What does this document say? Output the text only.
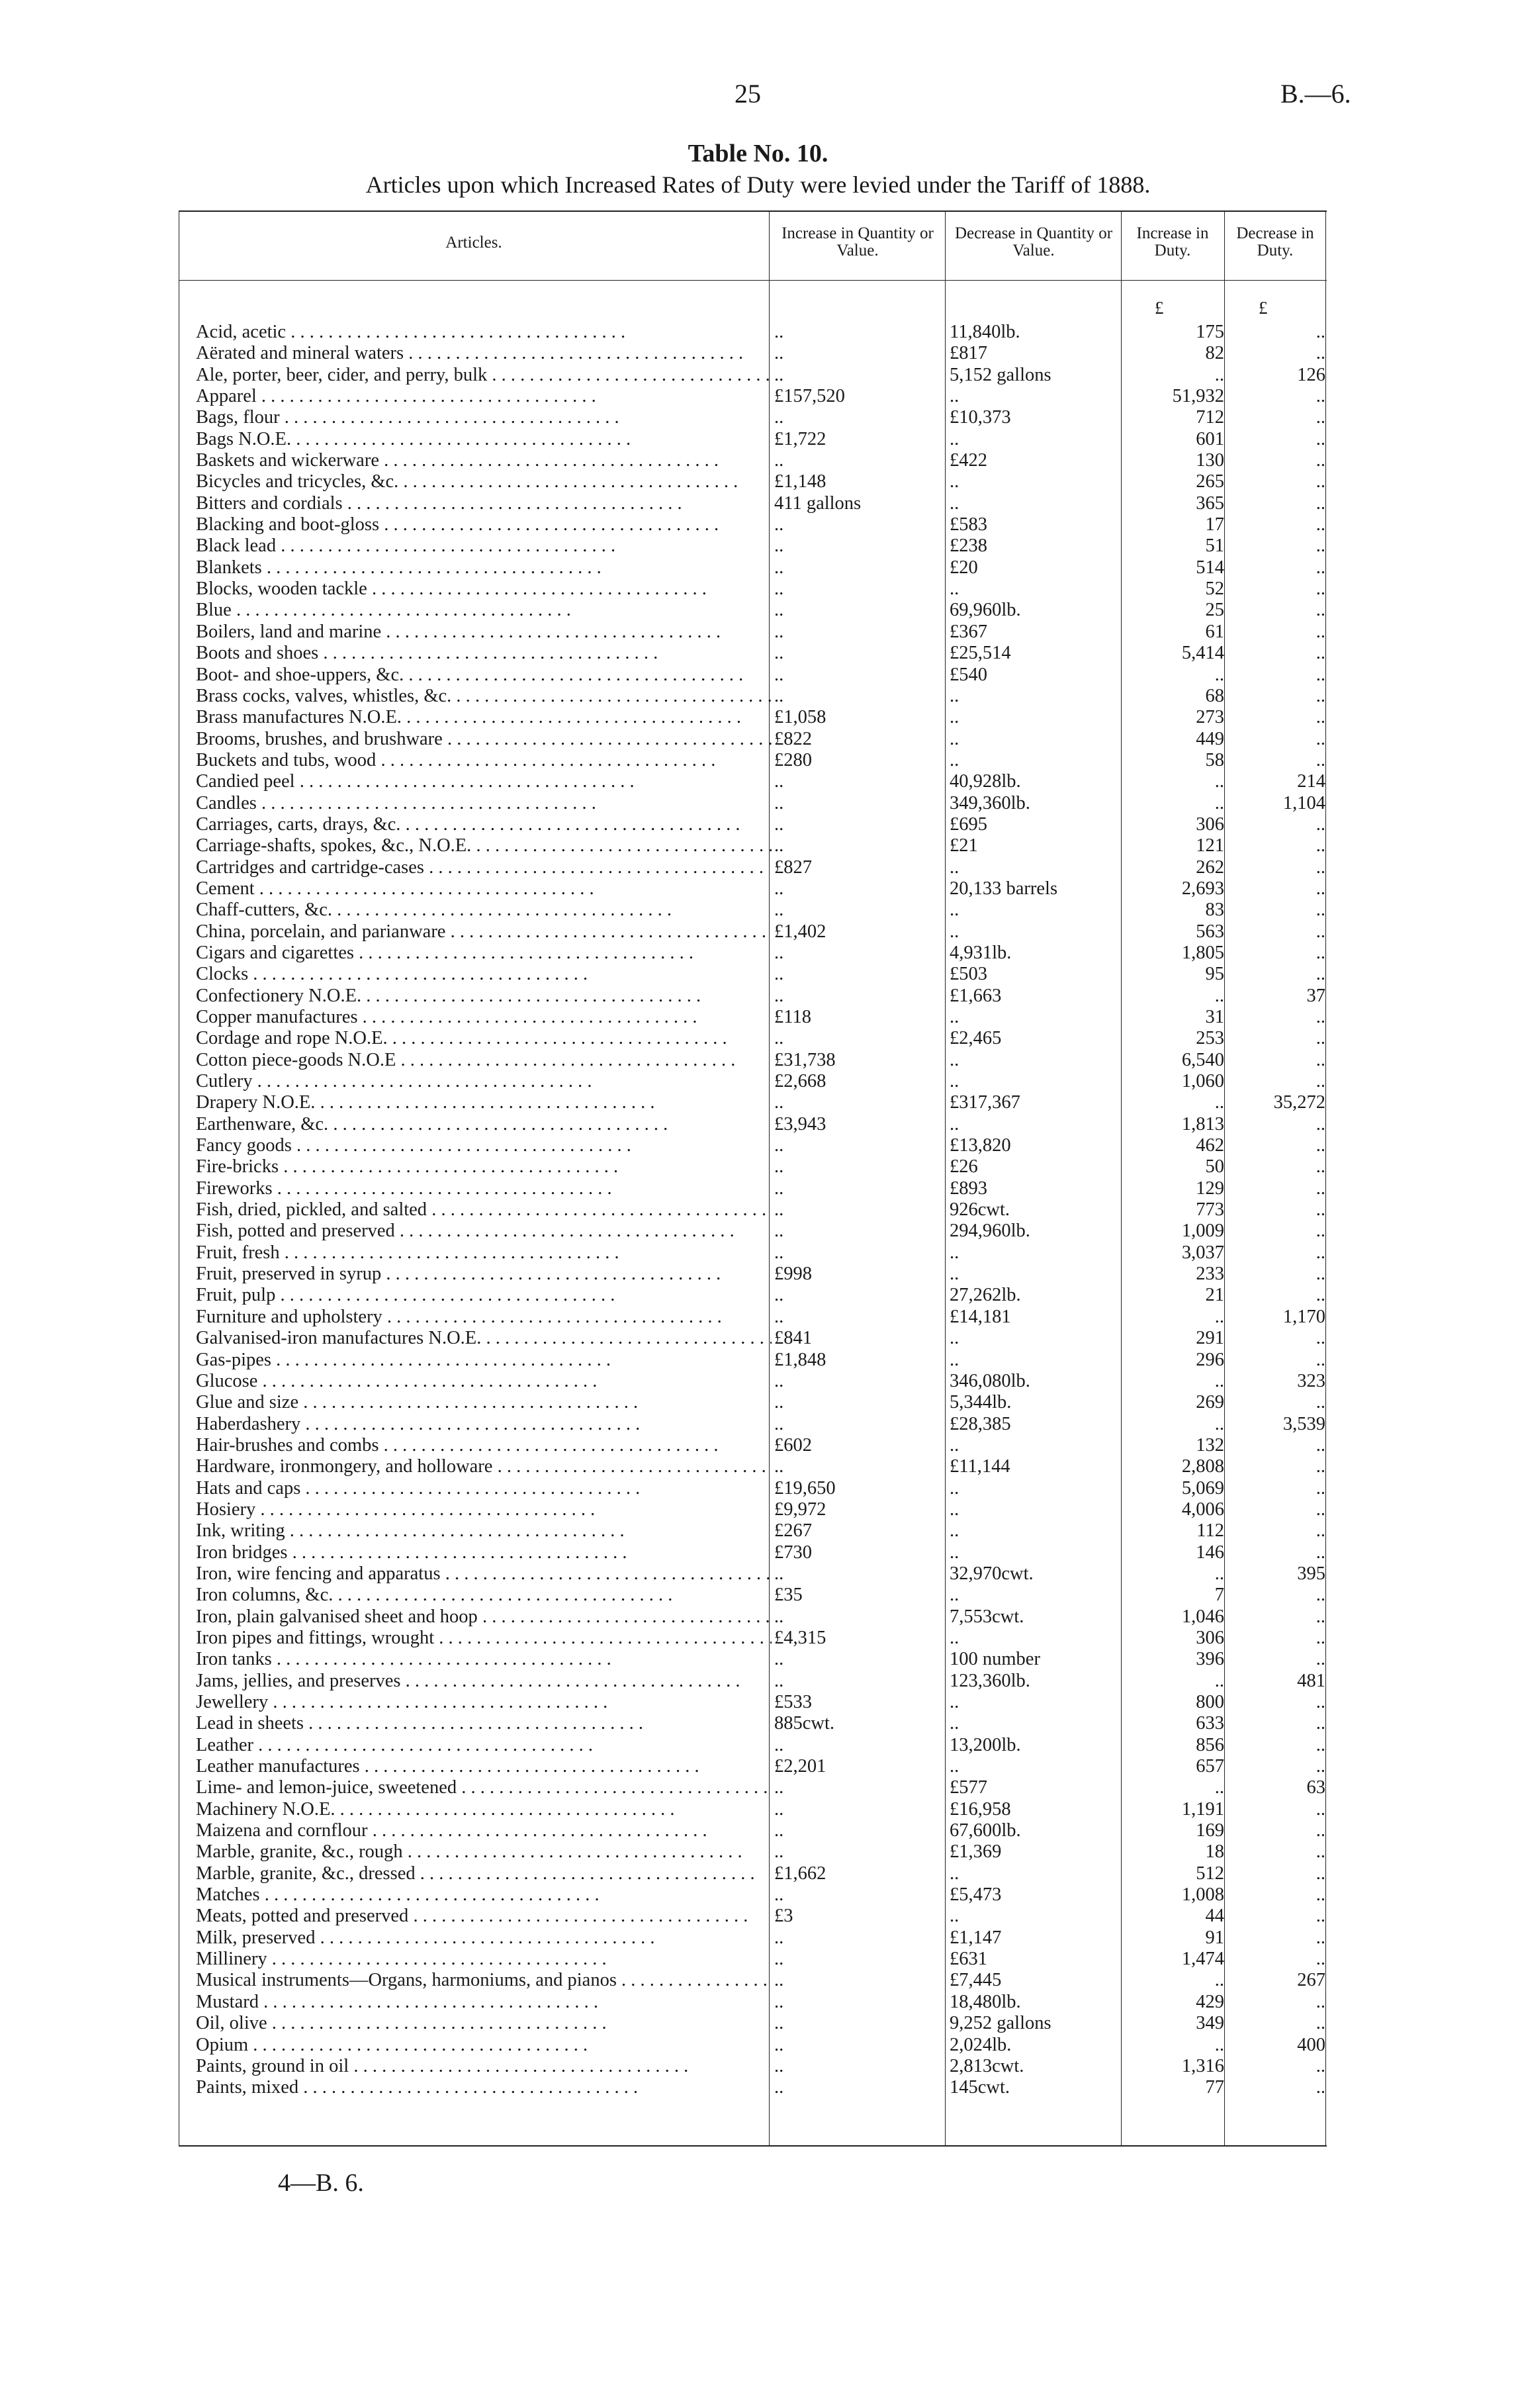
25	B.—6.
Table No. 10.
Articles upon which Increased Rates of Duty were levied under the Tariff of 1888.
Articles.
Increase in Quantity or Value.
Decrease in Quantity or Value.
Increase in Duty.
Decrease in Duty.
£	£
Acid, acetic . .	..	11,840lb.	175	..
Aërated and mineral waters . .	..	£817	82	..
Ale, porter, beer, cider, and perry, bulk . .	..	5,152 gallons	..	126
Apparel . .	£157,520	..	51,932	..
Bags, flour . .	..	£10,373	712	..
Bags N.O.E. . .	£1,722	..	601	..
Baskets and wickerware . .	..	£422	130	..
Bicycles and tricycles, &c. . .	£1,148	..	265	..
Bitters and cordials . .	411 gallons	..	365	..
Blacking and boot-gloss . .	..	£583	17	..
Black lead . .	..	£238	51	..
Blankets . .	..	£20	514	..
Blocks, wooden tackle . .	..	..	52	..
Blue . .	..	69,960lb.	25	..
Boilers, land and marine . .	..	£367	61	..
Boots and shoes . .	..	£25,514	5,414	..
Boot- and shoe-uppers, &c. . .	..	£540	..	..
Brass cocks, valves, whistles, &c. . .	..	..	68	..
Brass manufactures N.O.E. . .	£1,058	..	273	..
Brooms, brushes, and brushware . .	£822	..	449	..
Buckets and tubs, wood . .	£280	..	58	..
Candied peel . .	..	40,928lb.	..	214
Candles . .	..	349,360lb.	..	1,104
Carriages, carts, drays, &c. . .	..	£695	306	..
Carriage-shafts, spokes, &c., N.O.E. . .	..	£21	121	..
Cartridges and cartridge-cases . .	£827	..	262	..
Cement . .	..	20,133 barrels	2,693	..
Chaff-cutters, &c. . .	..	..	83	..
China, porcelain, and parianware . .	£1,402	..	563	..
Cigars and cigarettes . .	..	4,931lb.	1,805	..
Clocks . .	..	£503	95	..
Confectionery N.O.E. . .	..	£1,663	..	37
Copper manufactures . .	£118	..	31	..
Cordage and rope N.O.E. . .	..	£2,465	253	..
Cotton piece-goods N.O.E . .	£31,738	..	6,540	..
Cutlery . .	£2,668	..	1,060	..
Drapery N.O.E. . .	..	£317,367	..	35,272
Earthenware, &c. . .	£3,943	..	1,813	..
Fancy goods . .	..	£13,820	462	..
Fire-bricks . .	..	£26	50	..
Fireworks . .	..	£893	129	..
Fish, dried, pickled, and salted . .	..	926cwt.	773	..
Fish, potted and preserved . .	..	294,960lb.	1,009	..
Fruit, fresh . .	..	..	3,037	..
Fruit, preserved in syrup . .	£998	..	233	..
Fruit, pulp . .	..	27,262lb.	21	..
Furniture and upholstery . .	..	£14,181	..	1,170
Galvanised-iron manufactures N.O.E. . .	£841	..	291	..
Gas-pipes . .	£1,848	..	296	..
Glucose . .	..	346,080lb.	..	323
Glue and size . .	..	5,344lb.	269	..
Haberdashery . .	..	£28,385	..	3,539
Hair-brushes and combs . .	£602	..	132	..
Hardware, ironmongery, and holloware . .	..	£11,144	2,808	..
Hats and caps . .	£19,650	..	5,069	..
Hosiery . .	£9,972	..	4,006	..
Ink, writing . .	£267	..	112	..
Iron bridges . .	£730	..	146	..
Iron, wire fencing and apparatus . .	..	32,970cwt.	..	395
Iron columns, &c. . .	£35	..	7	..
Iron, plain galvanised sheet and hoop . .	..	7,553cwt.	1,046	..
Iron pipes and fittings, wrought . .	£4,315	..	306	..
Iron tanks . .	..	100 number	396	..
Jams, jellies, and preserves . .	..	123,360lb.	..	481
Jewellery . .	£533	..	800	..
Lead in sheets . .	885cwt.	..	633	..
Leather . .	..	13,200lb.	856	..
Leather manufactures . .	£2,201	..	657	..
Lime- and lemon-juice, sweetened . .	..	£577	..	63
Machinery N.O.E. . .	..	£16,958	1,191	..
Maizena and cornflour . .	..	67,600lb.	169	..
Marble, granite, &c., rough . .	..	£1,369	18	..
Marble, granite, &c., dressed . .	£1,662	..	512	..
Matches . .	..	£5,473	1,008	..
Meats, potted and preserved . .	£3	..	44	..
Milk, preserved . .	..	£1,147	91	..
Millinery . .	..	£631	1,474	..
Musical instruments—Organs, harmoniums, and pianos . .	..	£7,445	..	267
Mustard . .	..	18,480lb.	429	..
Oil, olive . .	..	9,252 gallons	349	..
Opium . .	..	2,024lb.	..	400
Paints, ground in oil . .	..	2,813cwt.	1,316	..
Paints, mixed . .	..	145cwt.	77	..
4—B. 6.
